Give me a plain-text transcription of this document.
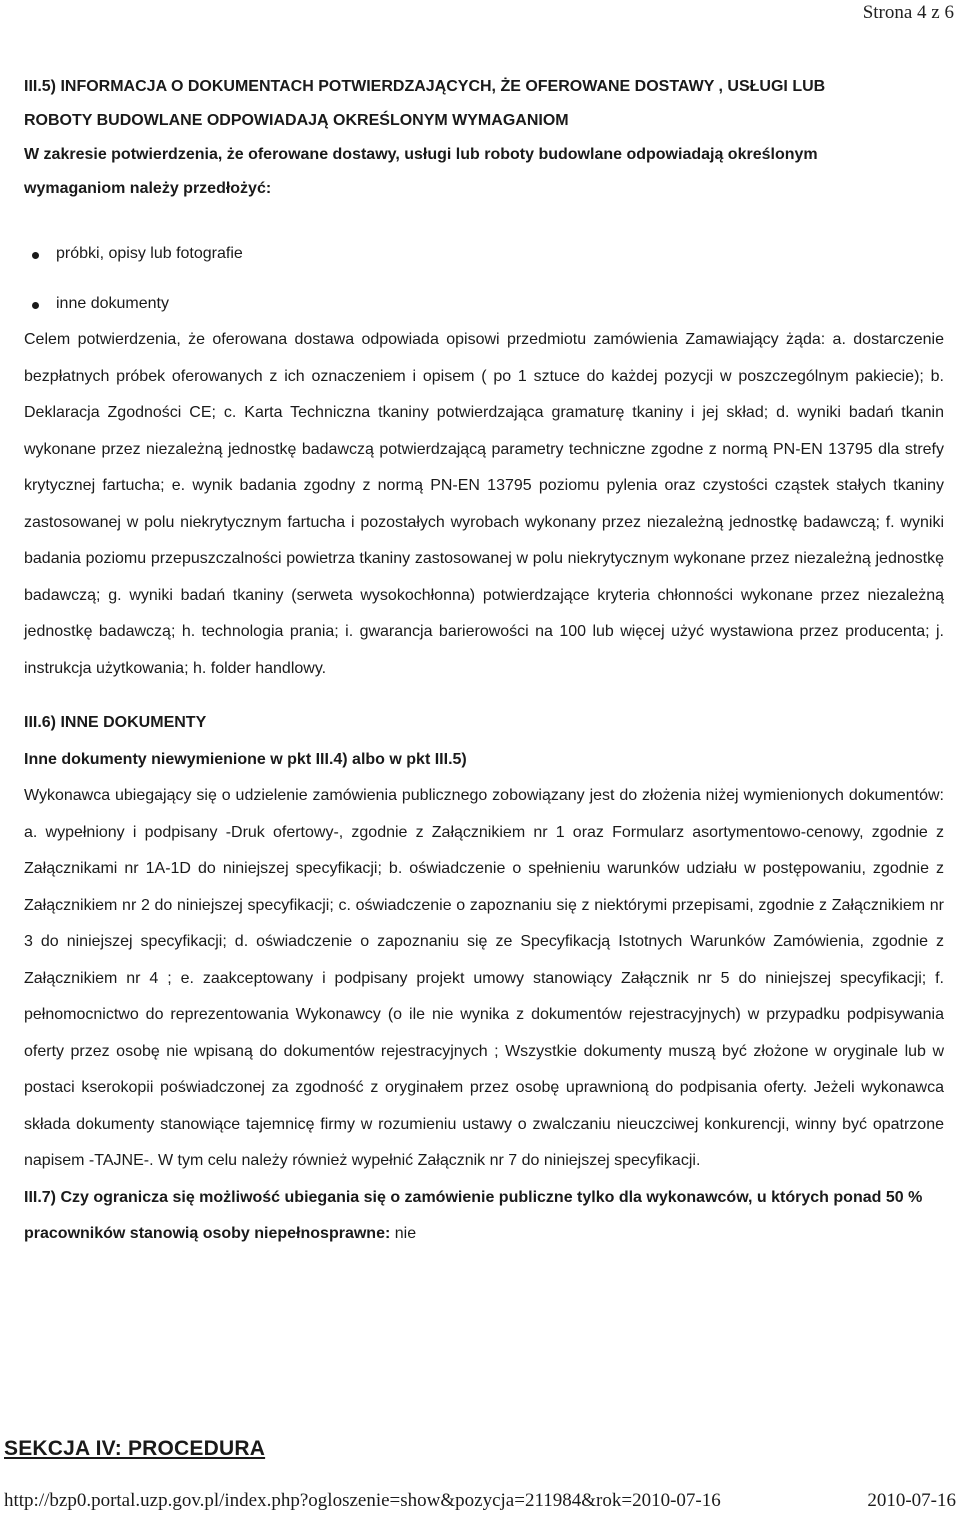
Strona 4 z 6
III.5) INFORMACJA O DOKUMENTACH POTWIERDZAJĄCYCH, ŻE OFEROWANE DOSTAWY , USŁUGI LUB
ROBOTY BUDOWLANE ODPOWIADAJĄ OKREŚLONYM WYMAGANIOM
W zakresie potwierdzenia, że oferowane dostawy, usługi lub roboty budowlane odpowiadają określonym
wymaganiom należy przedłożyć:
próbki, opisy lub fotografie
inne dokumenty

Celem potwierdzenia, że oferowana dostawa odpowiada opisowi przedmiotu zamówienia Zamawiający żąda: a. dostarczenie bezpłatnych próbek oferowanych z ich oznaczeniem i opisem ( po 1 sztuce do każdej pozycji w poszczególnym pakiecie); b. Deklaracja Zgodności CE; c. Karta Techniczna tkaniny potwierdzająca gramaturę tkaniny i jej skład; d. wyniki badań tkanin wykonane przez niezależną jednostkę badawczą potwierdzającą parametry techniczne zgodne z normą PN-EN 13795 dla strefy krytycznej fartucha; e. wynik badania zgodny z normą PN-EN 13795 poziomu pylenia oraz czystości cząstek stałych tkaniny zastosowanej w polu niekrytycznym fartucha i pozostałych wyrobach wykonany przez niezależną jednostkę badawczą; f. wyniki badania poziomu przepuszczalności powietrza tkaniny zastosowanej w polu niekrytycznym wykonane przez niezależną jednostkę badawczą; g. wyniki badań tkaniny (serweta wysokochłonna) potwierdzające kryteria chłonności wykonane przez niezależną jednostkę badawczą; h. technologia prania; i. gwarancja barierowości na 100 lub więcej użyć wystawiona przez producenta; j. instrukcja użytkowania; h. folder handlowy.

III.6) INNE DOKUMENTY

Inne dokumenty niewymienione w pkt III.4) albo w pkt III.5)

Wykonawca ubiegający się o udzielenie zamówienia publicznego zobowiązany jest do złożenia niżej wymienionych dokumentów: a. wypełniony i podpisany -Druk ofertowy-, zgodnie z Załącznikiem nr 1 oraz Formularz asortymentowo-cenowy, zgodnie z Załącznikami nr 1A-1D do niniejszej specyfikacji; b. oświadczenie o spełnieniu warunków udziału w postępowaniu, zgodnie z Załącznikiem nr 2 do niniejszej specyfikacji; c. oświadczenie o zapoznaniu się z niektórymi przepisami, zgodnie z Załącznikiem nr 3 do niniejszej specyfikacji; d. oświadczenie o zapoznaniu się ze Specyfikacją Istotnych Warunków Zamówienia, zgodnie z Załącznikiem nr 4 ; e. zaakceptowany i podpisany projekt umowy stanowiący Załącznik nr 5 do niniejszej specyfikacji; f. pełnomocnictwo do reprezentowania Wykonawcy (o ile nie wynika z dokumentów rejestracyjnych) w przypadku podpisywania oferty przez osobę nie wpisaną do dokumentów rejestracyjnych ; Wszystkie dokumenty muszą być złożone w oryginale lub w postaci kserokopii poświadczonej za zgodność z oryginałem przez osobę uprawnioną do podpisania oferty. Jeżeli wykonawca składa dokumenty stanowiące tajemnicę firmy w rozumieniu ustawy o zwalczaniu nieuczciwej konkurencji, winny być opatrzone napisem -TAJNE-. W tym celu należy również wypełnić Załącznik nr 7 do niniejszej specyfikacji.

III.7) Czy ogranicza się możliwość ubiegania się o zamówienie publiczne tylko dla wykonawców, u których ponad 50 % pracowników stanowią osoby niepełnosprawne: nie

SEKCJA IV: PROCEDURA
http://bzp0.portal.uzp.gov.pl/index.php?ogloszenie=show&pozycja=211984&rok=2010-07-16	2010-07-16
